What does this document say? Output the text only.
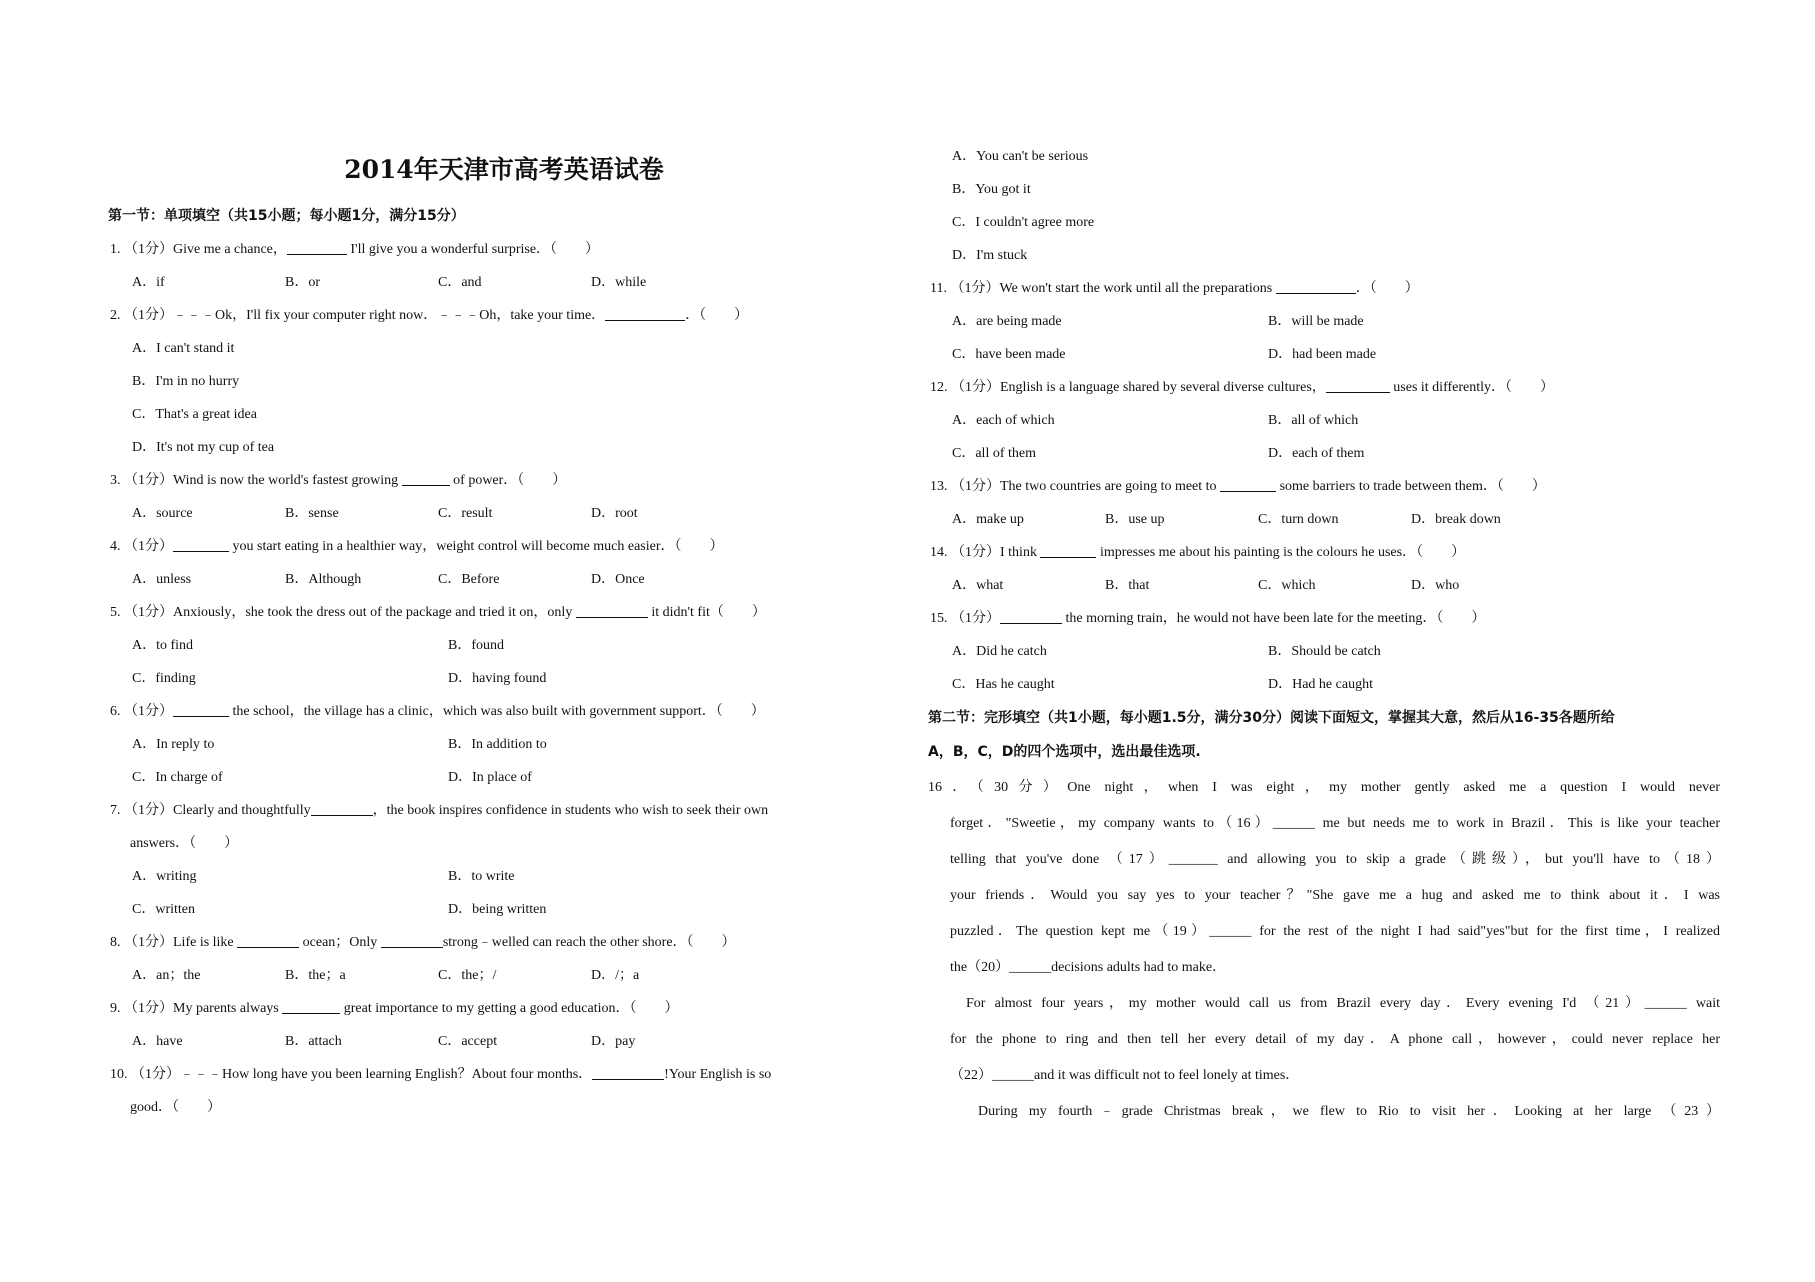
2014年天津市高考英语试卷
第一节：单项填空（共15小题；每小题1分，满分15分）
1. （1分）Give me a chance，	I'll give you a wonderful surprise．（　　）
A．if	B．or	C．and	D．while
2. （1分）﹣﹣﹣Ok，I'll fix your computer right now．﹣﹣﹣Oh，take your time．	．（　　）
A．I can't stand it
B．I'm in no hurry
C．That's a great idea
D．It's not my cup of tea
3. （1分）Wind is now the world's fastest growing	of power．（　　）
A．source	B．sense	C．result	D．root
4. （1分）	you start eating in a healthier way，weight control will become much easier．（　　）
A．unless	B．Although	C．Before	D．Once
5. （1分）Anxiously，she took the dress out of the package and tried it on，only	it didn't fit（　　）
A．to find	B．found
C．finding	D．having found
6. （1分）	the school，the village has a clinic，which was also built with government support．（　　）
A．In reply to	B．In addition to
C．In charge of	D．In place of
7. （1分）Clearly and thoughtfully	，the book inspires confidence in students who wish to seek their own
answers．（　　）
A．writing	B．to write
C．written	D．being written
8. （1分）Life is like	ocean；Only	strong﹣welled can reach the other shore．（　　）
A．an；the	B．the；a	C．the；/	D．/；a
9. （1分）My parents always	great importance to my getting a good education．（　　）
A．have	B．attach	C．accept	D．pay
10. （1分）﹣﹣﹣How long have you been learning English？About four months．	!Your English is so
good．（　　）
A．You can't be serious
B．You got it
C．I couldn't agree more
D．I'm stuck
11. （1分）We won't start the work until all the preparations	．（　　）
A．are being made	B．will be made
C．have been made	D．had been made
12. （1分）English is a language shared by several diverse cultures，	uses it differently．（　　）
A．each of which	B．all of which
C．all of them	D．each of them
13. （1分）The two countries are going to meet to	some barriers to trade between them．（　　）
A．make up	B．use up	C．turn down	D．break down
14. （1分）I think	impresses me about his painting is the colours he uses．（　　）
A．what	B．that	C．which	D．who
15. （1分）	the morning train，he would not have been late for the meeting．（　　）
A．Did he catch	B．Should be catch
C．Has he caught	D．Had he caught
第二节：完形填空（共1小题，每小题1.5分，满分30分）阅读下面短文，掌握其大意，然后从16-35各题所给
A，B，C，D的四个选项中，选出最佳选项.
16．（30分）One night，when I was eight，my mother gently asked me a question I would never
forget．"Sweetie，my company wants to（16）______ me but needs me to work in Brazil．This is like your teacher
telling that you've done （17）_______ and allowing you to skip a grade（跳级），but you'll have to（18）
your friends．Would you say yes to your teacher？"She gave me a hug and asked me to think about it．I was
puzzled．The question kept me（19）______ for the rest of the night I had said"yes"but for the first time，I realized
the（20）______decisions adults had to make．
For almost four years，my mother would call us from Brazil every day．Every evening I'd （21）______ wait
for the phone to ring and then tell her every detail of my day．A phone call，however，could never replace her
（22）______and it was difficult not to feel lonely at times．
During my fourth﹣grade Christmas break，we flew to Rio to visit her．Looking at her large （23）
